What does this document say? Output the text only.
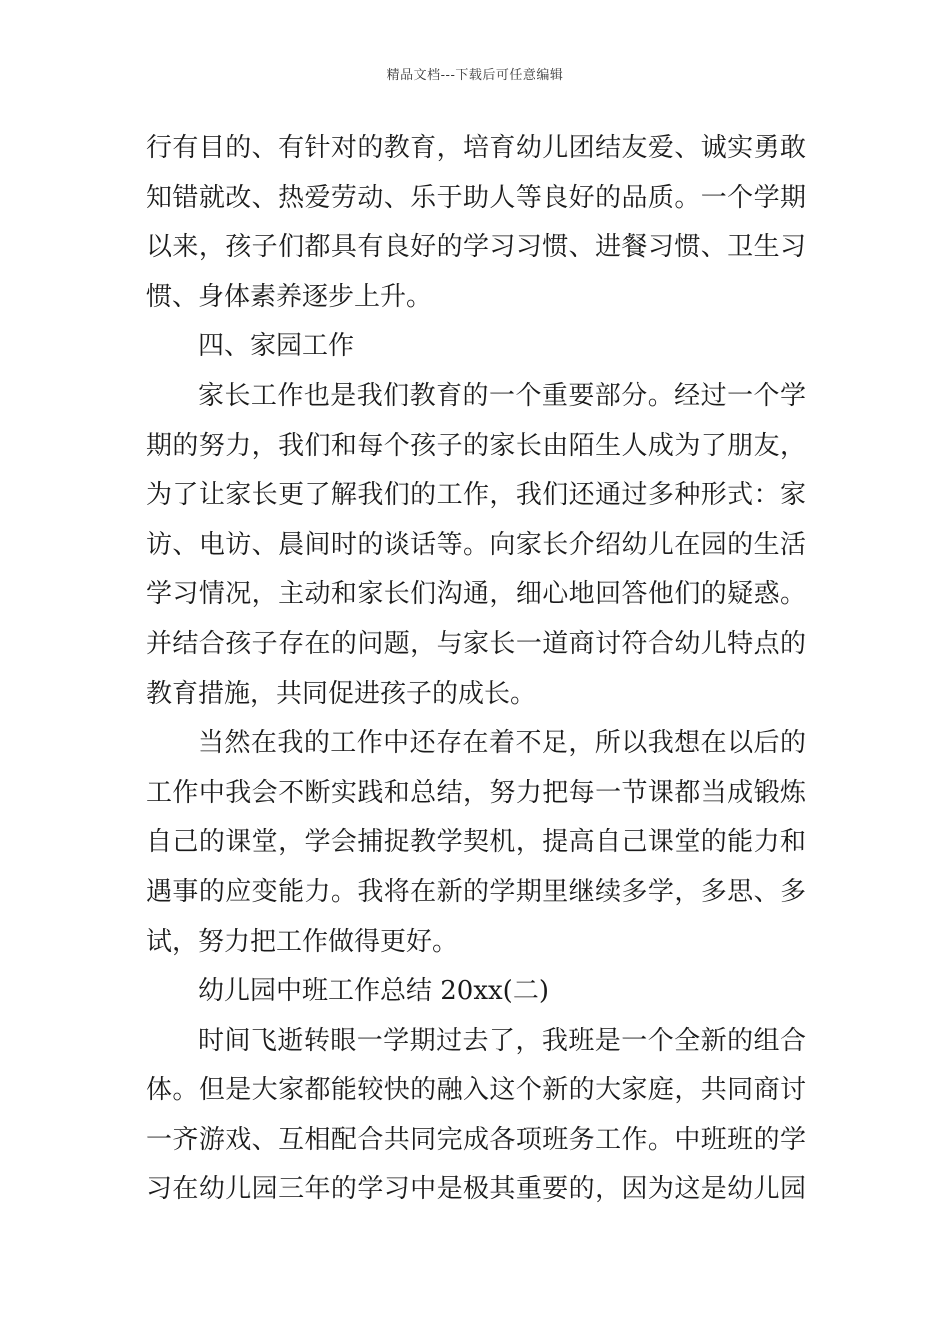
精品文档---下载后可任意编辑
行有目的、有针对的教育，培育幼儿团结友爱、诚实勇敢
知错就改、热爱劳动、乐于助人等良好的品质。一个学期
以来，孩子们都具有良好的学习习惯、进餐习惯、卫生习
惯、身体素养逐步上升。
四、家园工作
家长工作也是我们教育的一个重要部分。经过一个学
期的努力，我们和每个孩子的家长由陌生人成为了朋友，
为了让家长更了解我们的工作，我们还通过多种形式：家
访、电访、晨间时的谈话等。向家长介绍幼儿在园的生活
学习情况，主动和家长们沟通，细心地回答他们的疑惑。
并结合孩子存在的问题，与家长一道商讨符合幼儿特点的
教育措施，共同促进孩子的成长。
当然在我的工作中还存在着不足，所以我想在以后的
工作中我会不断实践和总结，努力把每一节课都当成锻炼
自己的课堂，学会捕捉教学契机，提高自己课堂的能力和
遇事的应变能力。我将在新的学期里继续多学，多思、多
试，努力把工作做得更好。
幼儿园中班工作总结 20xx(二)
时间飞逝转眼一学期过去了，我班是一个全新的组合
体。但是大家都能较快的融入这个新的大家庭，共同商讨
一齐游戏、互相配合共同完成各项班务工作。中班班的学
习在幼儿园三年的学习中是极其重要的，因为这是幼儿园
